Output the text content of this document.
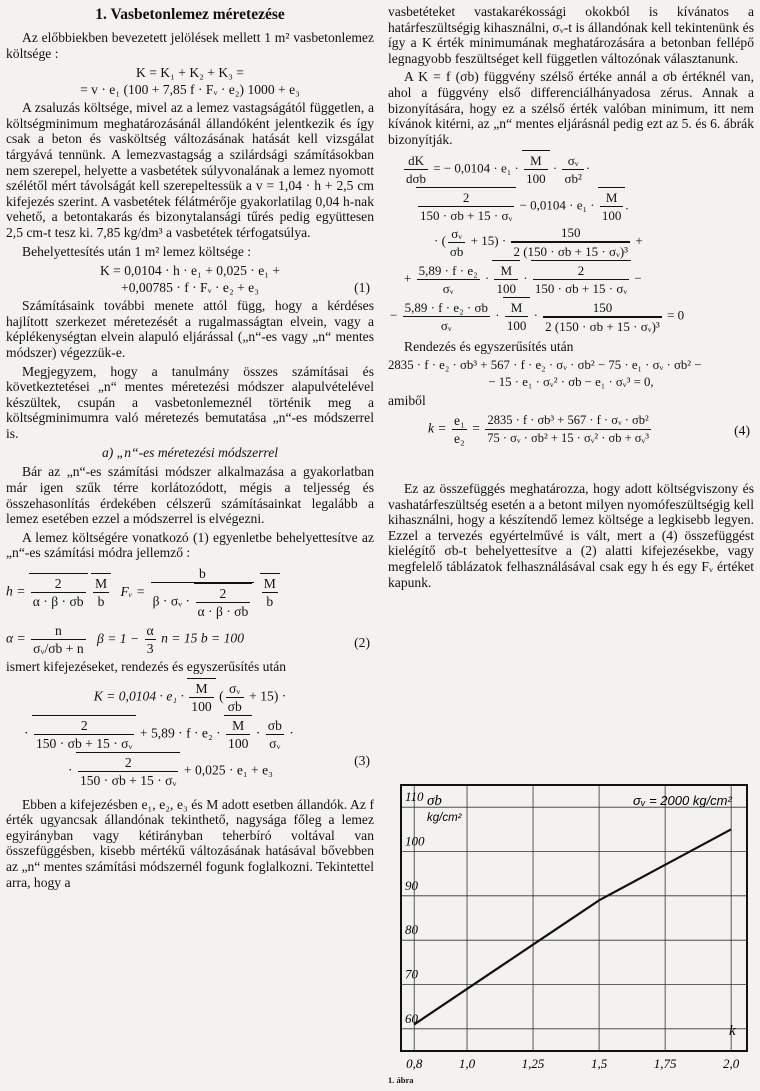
1. Vasbetonlemez méretezése

Az előbbiekben bevezetett jelölések mellett 1 m² vasbetonlemez költsége :

K = K₁ + K₂ + K₃ =
= v · e₁ (100 + 7,85 f · Fᵥ · e₂) 1000 + e₃

A zsaluzás költsége, mivel az a lemez vastagságától független, a költségminimum meghatározásánál állandóként jelentkezik és így csak a beton és vasköltség változásának hatását kell vizsgálat tárgyává tennünk. A lemezvastagság a szilárdsági számításokban nem szerepel, helyette a vasbetétek súlyvonalának a lemez nyomott szélétől mért távolságát kell szerepeltessük a v = 1,04 · h + 2,5 cm kifejezés szerint. A vasbetétek félátmérője gyakorlatilag 0,04 h-nak vehető, a betontakarás és bizonytalansági tűrés pedig együttesen 2,5 cm-t tesz ki. 7,85 kg/dm³ a vasbetétek térfogatsúlya.

Behelyettesítés után 1 m² lemez költsége :

K = 0,0104 · h · e₁ + 0,025 · e₁ +
+0,00785 · f · Fᵥ · e₂ + e₃	(1)

Számításaink további menete attól függ, hogy a kérdéses hajlított szerkezet méretezését a rugalmasságtan elvein, vagy a képlékenységtan elvein alapuló eljárással („n“-es vagy „n“ mentes módszer) végezzük-e.

Megjegyzem, hogy a tanulmány összes számításai és következtetései „n“ mentes méretezési módszer alapulvételével készültek, csupán a vasbetonlemeznél történik meg a költségminimumra való méretezés bemutatása „n“-es módszerrel is.

a) „n“-es méretezési módszerrel

Bár az „n“-es számítási módszer alkalmazása a gyakorlatban már igen szűk térre korlátozódott, mégis a teljesség és összehasonlítás érdekében célszerű számításainkat legalább a lemez esetében ezzel a módszerrel is elvégezni.

A lemez költségére vonatkozó (1) egyenletbe behelyettesítve az „n“-es számítási módra jellemző :

$h = \frac{2}{\alpha \cdot \beta \cdot \sigma b}$
$\frac{M}{b}$ Fᵥ = $\frac{b}{\beta \cdot \sigma ᵥ \cdot \frac{2}{\alpha \cdot \beta \cdot \sigma b}}$
$\frac{M}{b}$
$\alpha = \frac{n}{\text{σᵥ/σb + n}}$ $\beta = 1 - \frac{\alpha}{3}$ n = 15 b = 100	(2)

ismert kifejezéseket, rendezés és egyszerűsítés után

$K = 0,0104 \cdot e_1 \cdot \frac{M}{100}$ ( $\frac{\text{σᵥ}}{\sigma b} + 15$) ·
· $\frac{2}{\text{150 · σb + 15 · σᵥ}} + 5,89 \cdot f \cdot e_2 \cdot \frac{M}{100} \cdot \frac{\sigma b}{\text{σᵥ}}$ ·
· $\frac{2}{\text{150 · σb + 15 · σᵥ}} + 0,025 \cdot e_1 + e_3$
(3)

Ebben a kifejezésben e₁, e₂, e₃ és M adott esetben állandók. Az f érték ugyancsak állandónak tekinthető, nagysága főleg a lemez egyirányban vagy kétirányban teherbíró voltával van összefüggésben, kisebb mértékű változásának hatásával bővebben az „n“ mentes számítási módszernél fogunk foglalkozni. Tekintettel arra, hogy a

vasbetéteket vastakarékossági okokból is kívánatos a határfeszültségig kihasználni, σᵥ-t is állandónak kell tekintenünk és így a K érték minimumának meghatározására a betonban fellépő legnagyobb feszültséget kell független változónak választanunk.

A K = f (σb) függvény szélső értéke annál a σb értéknél van, ahol a függvény első differenciálhányadosa zérus. Annak a bizonyítására, hogy ez a szélső érték valóban minimum, itt nem kívánok kitérni, az „n“ mentes eljárásnál pedig ezt az 5. és 6. ábrák bizonyítják.

$\frac{dK}{\text{dσb}}$ = − $0,0104 \cdot e_1 \cdot \frac{M}{100} \cdot \frac{\text{σᵥ}}{\text{σb²}}$ ·
$\frac{2}{\text{150 · σb + 15 · σᵥ}} - 0,0104 \cdot e_1 \cdot \frac{M}{100}$ .
· ( $\frac{\text{σᵥ}}{\sigma b} + 15) \cdot \frac{150}{\text{2 (150 · σb + 15 · σᵥ)³}}$ +
+ $\frac{\text{5,89 · f · e₂}}{\text{σᵥ}} \cdot \frac{M}{100} \cdot \frac{2}{\text{150 · σb + 15 · σᵥ}}$ −
− $\frac{\text{5,89 · f · e₂ · σb}}{\text{σᵥ}} \cdot \frac{M}{100} \cdot \frac{150}{\text{2 (150 · σb + 15 · σᵥ)³}} = 0$

Rendezés és egyszerűsítés után

2835 · f · e₂ · σb³ + 567 · f · e₂ · σᵥ · σb² − 75 · e₁ · σᵥ · σb² −
− 15 · e₁ · σᵥ² · σb − e₁ · σᵥ³ = 0,

amiből

$k = \frac{\text{e₁}}{\text{e₂}} = \frac{\text{2835 · f · σb³ + 567 · f · σᵥ · σb²}}{\text{75 · σᵥ · σb² + 15 · σᵥ² · σb + σᵥ³}}$	(4)

Ez az összefüggés meghatározza, hogy adott költségviszony és vashatárfeszültség esetén a a betont milyen nyomófeszültségig kell kihasználni, hogy a készítendő lemez költsége a legkisebb legyen. Ezzel a tervezés egyértelművé is vált, mert a (4) összefüggést kielégítő σb-t behelyettesítve a (2) alatti kifejezésekbe, vagy megfelelő táblázatok felhasználásával csak egy h és egy Fᵥ értéket kapunk.

σb
kg/cm²
σᵥ = 2000 kg/cm²
k
60
70
80
90
100
110
0,8	1,0	1,25	1,5	1,75	2,0
1. ábra
